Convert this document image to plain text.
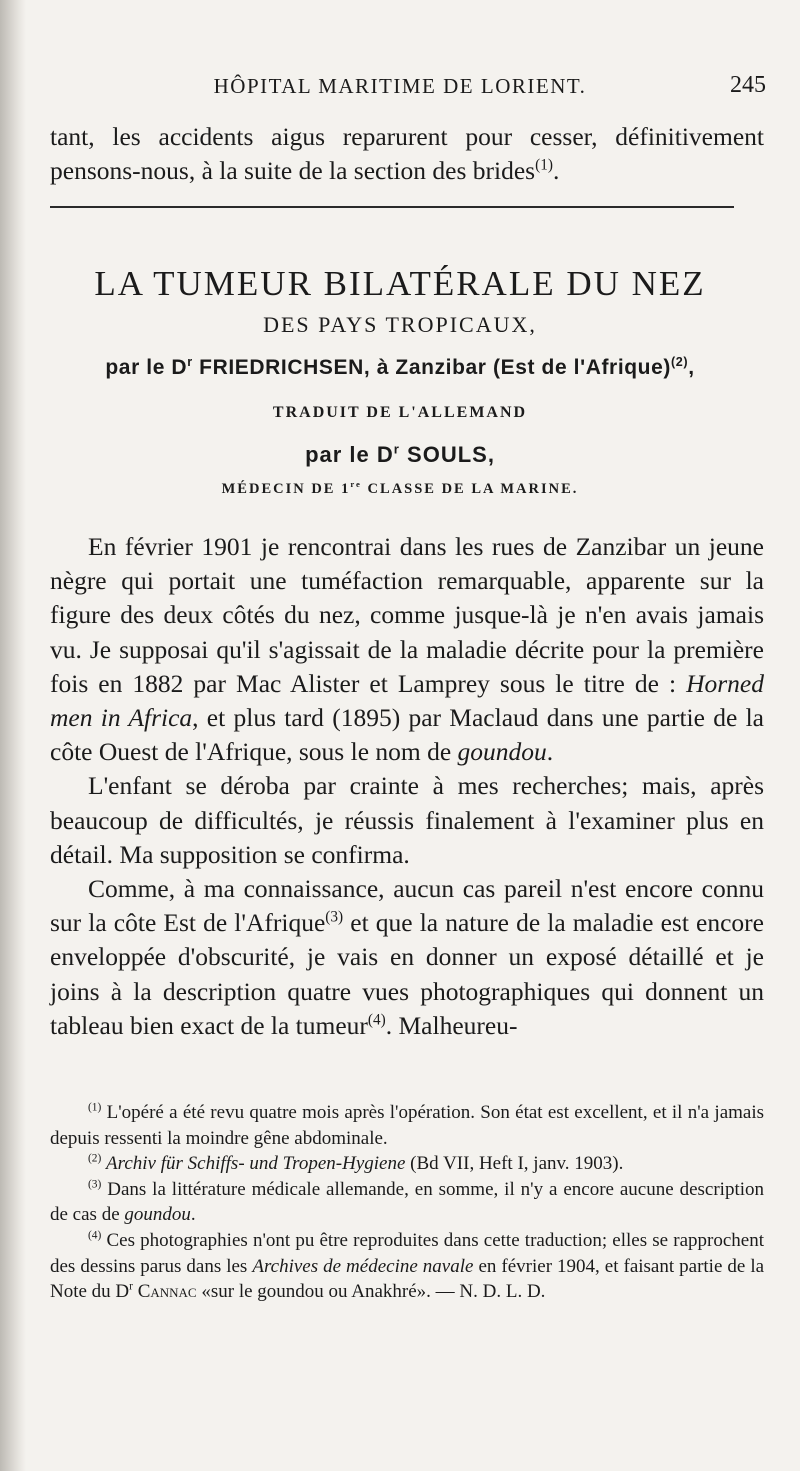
HÔPITAL MARITIME DE LORIENT.	245
tant, les accidents aigus reparurent pour cesser, définitivement pensons-nous, à la suite de la section des brides$^{(1)}$.
LA TUMEUR BILATÉRALE DU NEZ
DES PAYS TROPICAUX,
par le $D^r$ FRIEDRICHSEN, à Zanzibar (Est de l'Afrique)$^{(2)}$,
TRADUIT DE L'ALLEMAND
par le $D^r$ SOULS,
MÉDECIN DE 1re CLASSE DE LA MARINE.

En février 1901 je rencontrai dans les rues de Zanzibar un jeune nègre qui portait une tuméfaction remarquable, apparente sur la figure des deux côtés du nez, comme jusque-là je n'en avais jamais vu. Je supposai qu'il s'agissait de la maladie décrite pour la première fois en 1882 par Mac Alister et Lamprey sous le titre de : Horned men in Africa, et plus tard (1895) par Maclaud dans une partie de la côte Ouest de l'Afrique, sous le nom de goundou.

L'enfant se déroba par crainte à mes recherches; mais, après beaucoup de difficultés, je réussis finalement à l'examiner plus en détail. Ma supposition se confirma.

Comme, à ma connaissance, aucun cas pareil n'est encore connu sur la côte Est de l'Afrique$^{(3)}$ et que la nature de la maladie est encore enveloppée d'obscurité, je vais en donner un exposé détaillé et je joins à la description quatre vues photographiques qui donnent un tableau bien exact de la tumeur$^{(4)}$. Malheureu-

$^{(1)}$ L'opéré a été revu quatre mois après l'opération. Son état est excellent, et il n'a jamais depuis ressenti la moindre gêne abdominale.

$^{(2)}$ Archiv für Schiffs- und Tropen-Hygiene (Bd VII, Heft I, janv. 1903).

$^{(3)}$ Dans la littérature médicale allemande, en somme, il n'y a encore aucune description de cas de goundou.

$^{(4)}$ Ces photographies n'ont pu être reproduites dans cette traduction; elles se rapprochent des dessins parus dans les Archives de médecine navale en février 1904, et faisant partie de la Note du $D^r$ Cannac «sur le goundou ou Anakhré». — N. D. L. D.
